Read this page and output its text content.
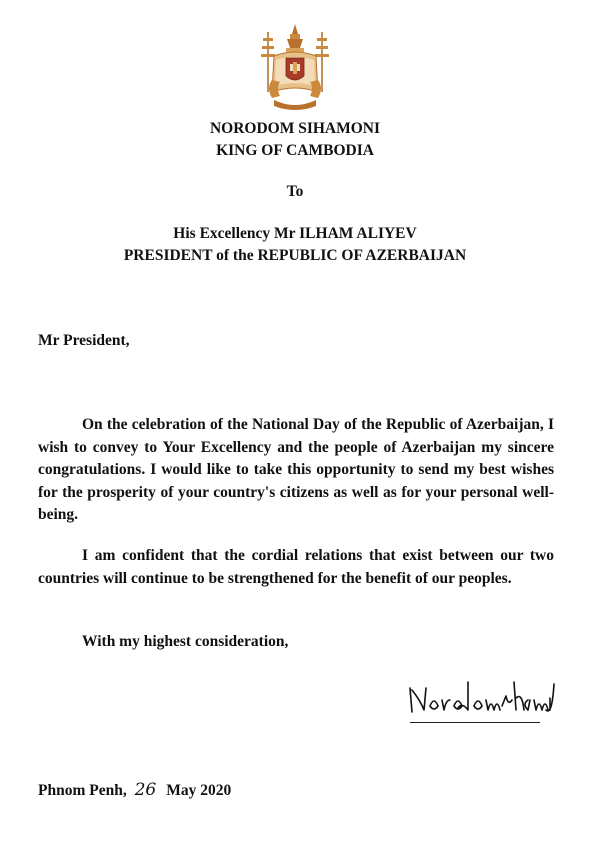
NORODOM SIHAMONI
KING OF CAMBODIA
To
His Excellency Mr ILHAM ALIYEV
PRESIDENT of the REPUBLIC OF AZERBAIJAN
Mr President,

On the celebration of the National Day of the Republic of Azerbaijan, I wish to convey to Your Excellency and the people of Azerbaijan my sincere congratulations. I would like to take this opportunity to send my best wishes for the prosperity of your country's citizens as well as for your personal well-being.

I am confident that the cordial relations that exist between our two countries will continue to be strengthened for the benefit of our peoples.

With my highest consideration,
Phnom Penh, 26 May 2020
